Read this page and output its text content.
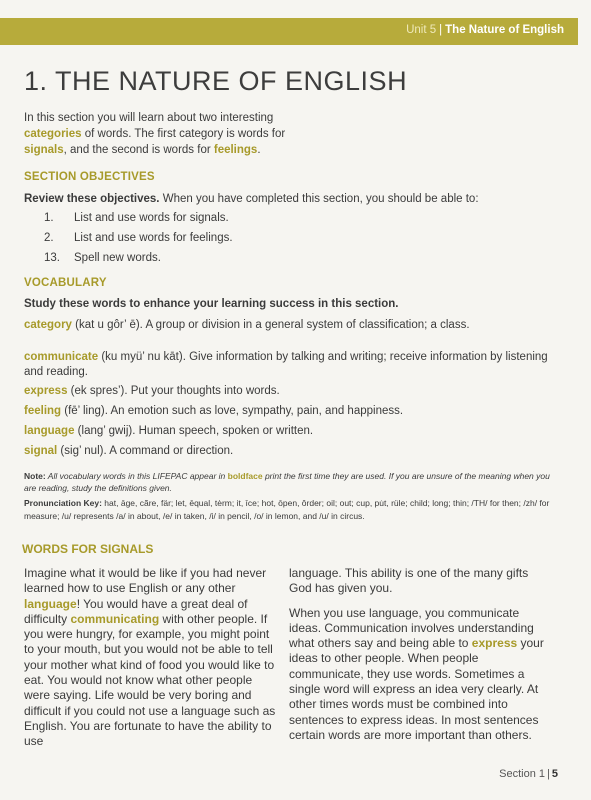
Unit 5 | The Nature of English
1. THE NATURE OF ENGLISH

In this section you will learn about two interesting categories of words. The first category is words for signals, and the second is words for feelings.

SECTION OBJECTIVES

Review these objectives. When you have completed this section, you should be able to:

1. List and use words for signals.

2. List and use words for feelings.

13. Spell new words.

VOCABULARY

Study these words to enhance your learning success in this section.

category (kat u gôr’ ē). A group or division in a general system of classification; a class.

communicate (ku myü’ nu kāt). Give information by talking and writing; receive information by listening and reading.

express (ek spres’). Put your thoughts into words.

feeling (fē’ ling). An emotion such as love, sympathy, pain, and happiness.

language (lang’ gwij). Human speech, spoken or written.

signal (sig’ nul). A command or direction.

Note: All vocabulary words in this LIFEPAC appear in boldface print the first time they are used. If you are unsure of the meaning when you are reading, study the definitions given.

Pronunciation Key: hat, āge, cãre, fär; let, ēqual, tėrm; it, īce; hot, ōpen, ôrder; oil; out; cup, pu̇t, rüle; child; long; thin; /TH/ for then; /zh/ for measure; /u/ represents /a/ in about, /e/ in taken, /i/ in pencil, /o/ in lemon, and /u/ in circus.

WORDS FOR SIGNALS

Imagine what it would be like if you had never learned how to use English or any other language! You would have a great deal of difficulty communicating with other people. If you were hungry, for example, you might point to your mouth, but you would not be able to tell your mother what kind of food you would like to eat. You would not know what other people were saying. Life would be very boring and difficult if you could not use a language such as English. You are fortunate to have the ability to use

language. This ability is one of the many gifts God has given you.

When you use language, you communicate ideas. Communication involves understanding what others say and being able to express your ideas to other people. When people communicate, they use words. Sometimes a single word will express an idea very clearly. At other times words must be combined into sentences to express ideas. In most sentences certain words are more important than others.

Section 1 | 5
